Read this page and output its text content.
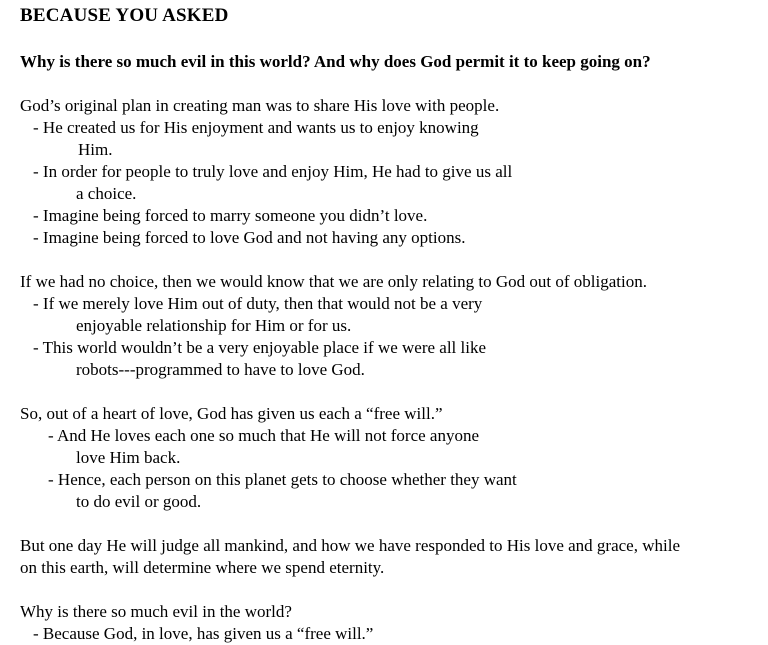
BECAUSE YOU ASKED
Why is there so much evil in this world? And why does God permit it to keep going on?
God’s original plan in creating man was to share His love with people.
- He created us for His enjoyment and wants us to enjoy knowing
Him.
- In order for people to truly love and enjoy Him, He had to give us all
a choice.
- Imagine being forced to marry someone you didn’t love.
- Imagine being forced to love God and not having any options.
If we had no choice, then we would know that we are only relating to God out of obligation.
- If we merely love Him out of duty, then that would not be a very
enjoyable relationship for Him or for us.
- This world wouldn’t be a very enjoyable place if we were all like
robots---programmed to have to love God.
So, out of a heart of love, God has given us each a “free will.”
- And He loves each one so much that He will not force anyone
love Him back.
- Hence, each person on this planet gets to choose whether they want
to do evil or good.
But one day He will judge all mankind, and how we have responded to His love and grace, while
on this earth, will determine where we spend eternity.
Why is there so much evil in the world?
- Because God, in love, has given us a “free will.”
